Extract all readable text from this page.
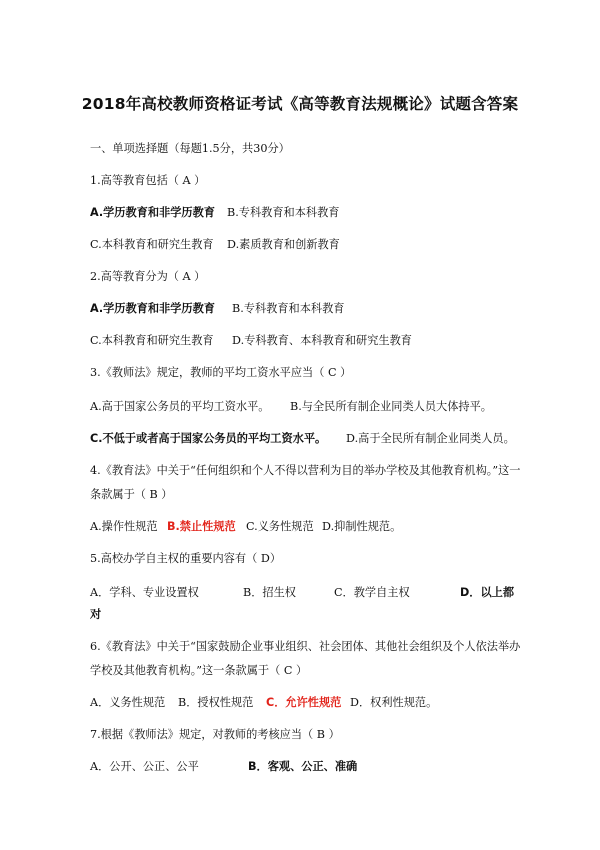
2018年高校教师资格证考试《高等教育法规概论》试题含答案
一、单项选择题（每题1.5分，共30分）
1.高等教育包括（ A ）
A.学历教育和非学历教育 B.专科教育和本科教育
C.本科教育和研究生教育 D.素质教育和创新教育
2.高等教育分为（ A ）
A.学历教育和非学历教育 B.专科教育和本科教育
C.本科教育和研究生教育 D.专科教育、本科教育和研究生教育
3.《教师法》规定，教师的平均工资水平应当（ C ）
A.高于国家公务员的平均工资水平。 B.与全民所有制企业同类人员大体持平。
C.不低于或者高于国家公务员的平均工资水平。 D.高于全民所有制企业同类人员。
4.《教育法》中关于“任何组织和个人不得以营利为目的举办学校及其他教育机构。”这一
条款属于（ B ）
A.操作性规范 B.禁止性规范 C.义务性规范 D.抑制性规范。
5.高校办学自主权的重要内容有（ D）
A．学科、专业设置权	B．招生权	C．教学自主权	D．以上都
对
6.《教育法》中关于“国家鼓励企业事业组织、社会团体、其他社会组织及个人依法举办
学校及其他教育机构。”这一条款属于（ C ）
A．义务性规范 B．授权性规范 C．允许性规范 D．权利性规范。
7.根据《教师法》规定，对教师的考核应当（ B ）
A．公开、公正、公平	B．客观、公正、准确
